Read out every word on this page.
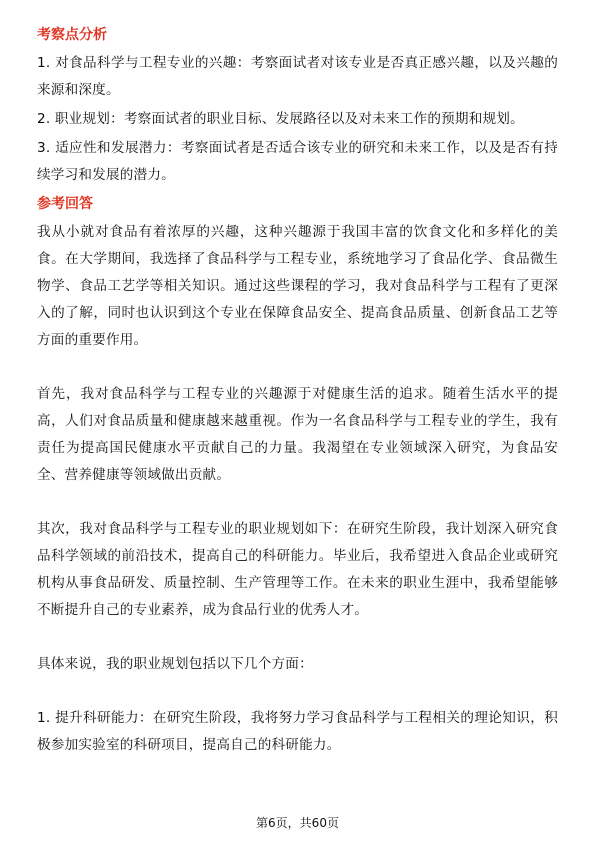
考察点分析

1. 对食品科学与工程专业的兴趣：考察面试者对该专业是否真正感兴趣，以及兴趣的来源和深度。

2. 职业规划：考察面试者的职业目标、发展路径以及对未来工作的预期和规划。

3. 适应性和发展潜力：考察面试者是否适合该专业的研究和未来工作，以及是否有持续学习和发展的潜力。

参考回答

我从小就对食品有着浓厚的兴趣，这种兴趣源于我国丰富的饮食文化和多样化的美食。在大学期间，我选择了食品科学与工程专业，系统地学习了食品化学、食品微生物学、食品工艺学等相关知识。通过这些课程的学习，我对食品科学与工程有了更深入的了解，同时也认识到这个专业在保障食品安全、提高食品质量、创新食品工艺等方面的重要作用。

首先，我对食品科学与工程专业的兴趣源于对健康生活的追求。随着生活水平的提高，人们对食品质量和健康越来越重视。作为一名食品科学与工程专业的学生，我有责任为提高国民健康水平贡献自己的力量。我渴望在专业领域深入研究，为食品安全、营养健康等领域做出贡献。

其次，我对食品科学与工程专业的职业规划如下：在研究生阶段，我计划深入研究食品科学领域的前沿技术，提高自己的科研能力。毕业后，我希望进入食品企业或研究机构从事食品研发、质量控制、生产管理等工作。在未来的职业生涯中，我希望能够不断提升自己的专业素养，成为食品行业的优秀人才。

具体来说，我的职业规划包括以下几个方面：

1. 提升科研能力：在研究生阶段，我将努力学习食品科学与工程相关的理论知识，积极参加实验室的科研项目，提高自己的科研能力。

第6页，共60页
